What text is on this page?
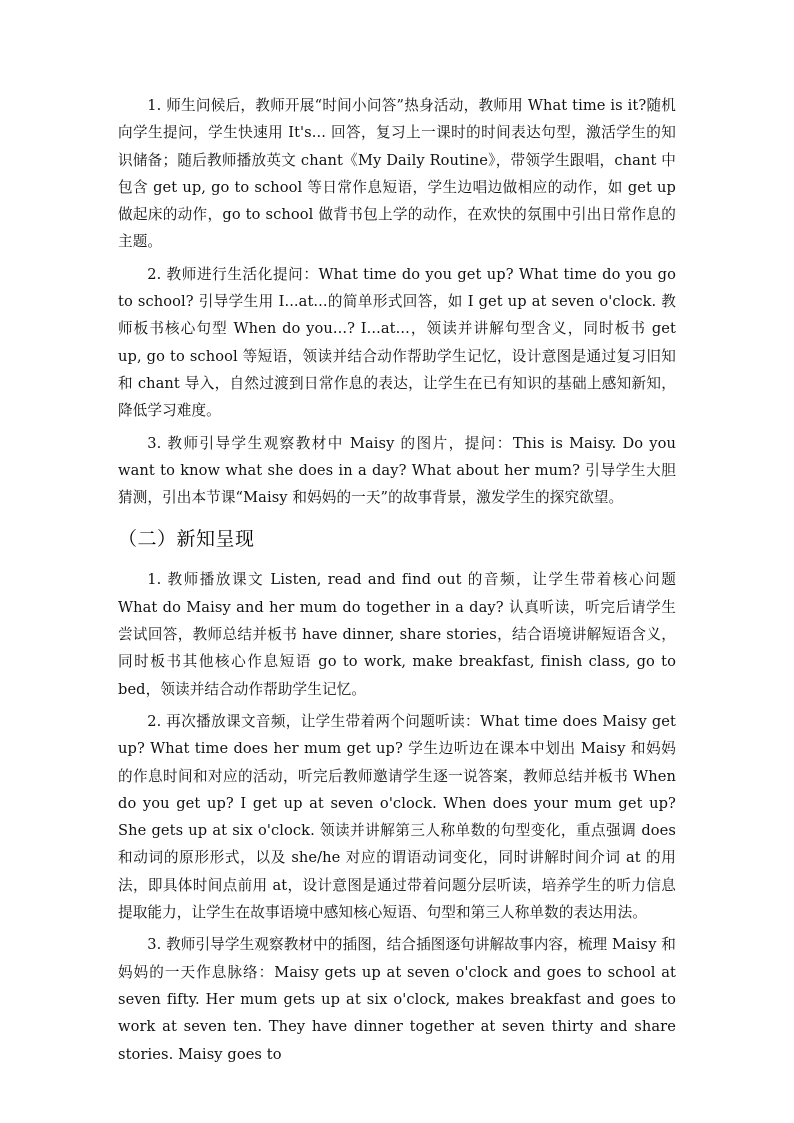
1. 师生问候后，教师开展“时间小问答”热身活动，教师用 What time is it?随机向学生提问，学生快速用 It's... 回答，复习上一课时的时间表达句型，激活学生的知识储备；随后教师播放英文 chant《My Daily Routine》，带领学生跟唱，chant 中包含 get up, go to school 等日常作息短语，学生边唱边做相应的动作，如 get up 做起床的动作，go to school 做背书包上学的动作，在欢快的氛围中引出日常作息的主题。

2. 教师进行生活化提问：What time do you get up? What time do you go to school? 引导学生用 I...at...的简单形式回答，如 I get up at seven o'clock. 教师板书核心句型 When do you...? I...at...，领读并讲解句型含义，同时板书 get up, go to school 等短语，领读并结合动作帮助学生记忆，设计意图是通过复习旧知和 chant 导入，自然过渡到日常作息的表达，让学生在已有知识的基础上感知新知，降低学习难度。

3. 教师引导学生观察教材中 Maisy 的图片，提问：This is Maisy. Do you want to know what she does in a day? What about her mum? 引导学生大胆猜测，引出本节课“Maisy 和妈妈的一天”的故事背景，激发学生的探究欲望。

（二）新知呈现

1. 教师播放课文 Listen, read and find out 的音频，让学生带着核心问题 What do Maisy and her mum do together in a day? 认真听读，听完后请学生尝试回答，教师总结并板书 have dinner, share stories，结合语境讲解短语含义，同时板书其他核心作息短语 go to work, make breakfast, finish class, go to bed，领读并结合动作帮助学生记忆。

2. 再次播放课文音频，让学生带着两个问题听读：What time does Maisy get up? What time does her mum get up? 学生边听边在课本中划出 Maisy 和妈妈的作息时间和对应的活动，听完后教师邀请学生逐一说答案，教师总结并板书 When do you get up? I get up at seven o'clock. When does your mum get up? She gets up at six o'clock. 领读并讲解第三人称单数的句型变化，重点强调 does 和动词的原形形式，以及 she/he 对应的谓语动词变化，同时讲解时间介词 at 的用法，即具体时间点前用 at，设计意图是通过带着问题分层听读，培养学生的听力信息提取能力，让学生在故事语境中感知核心短语、句型和第三人称单数的表达用法。

3. 教师引导学生观察教材中的插图，结合插图逐句讲解故事内容，梳理 Maisy 和妈妈的一天作息脉络：Maisy gets up at seven o'clock and goes to school at seven fifty. Her mum gets up at six o'clock, makes breakfast and goes to work at seven ten. They have dinner together at seven thirty and share stories. Maisy goes to
